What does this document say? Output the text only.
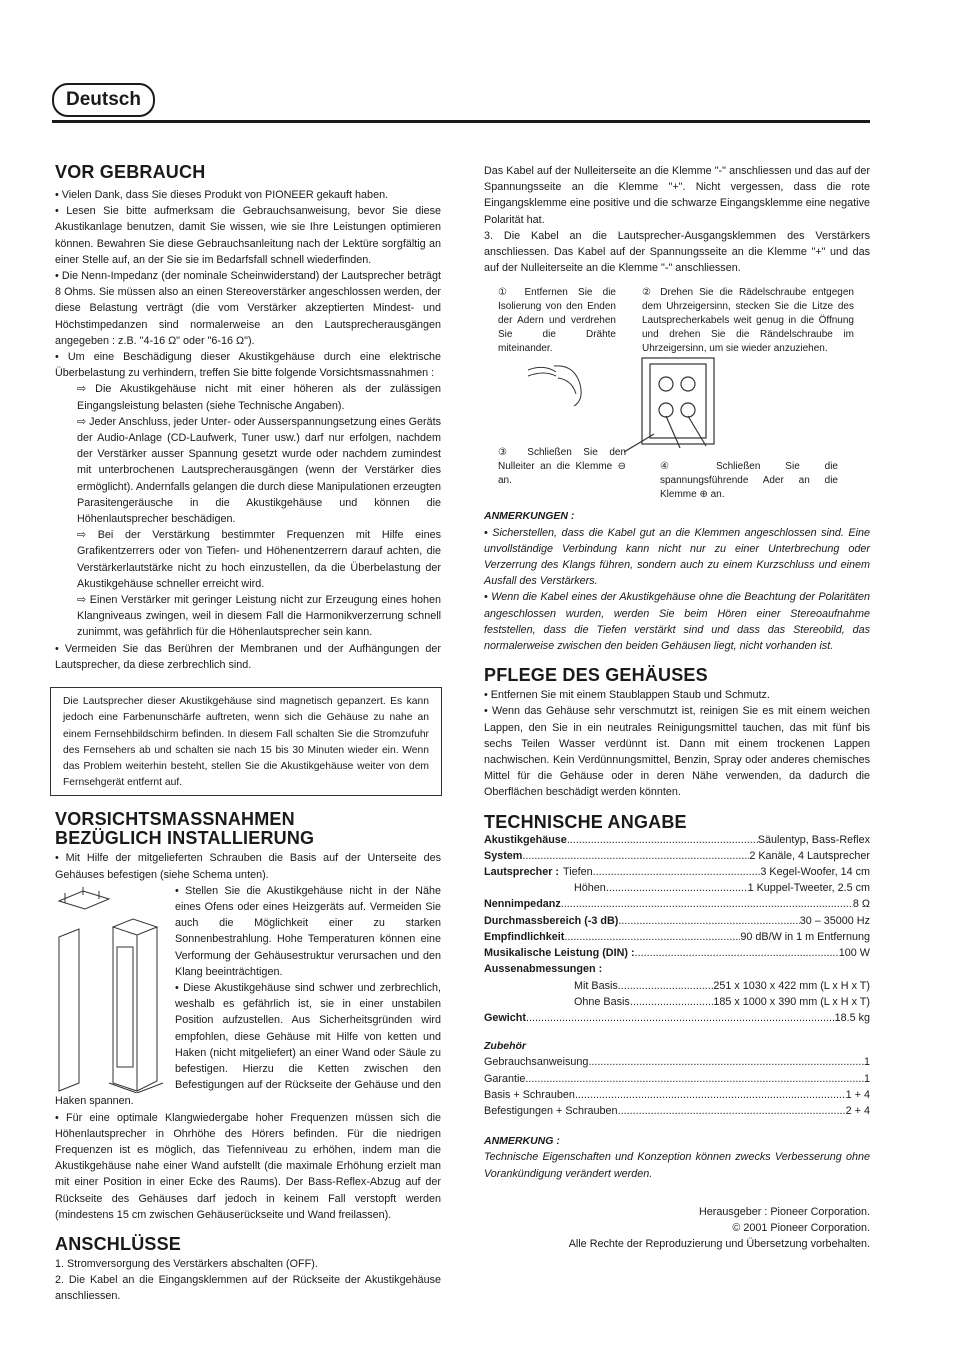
Deutsch
VOR GEBRAUCH

• Vielen Dank, dass Sie dieses Produkt von PIONEER gekauft haben.

• Lesen Sie bitte aufmerksam die Gebrauchsanweisung, bevor Sie diese Akustikanlage benutzen, damit Sie wissen, wie sie Ihre Leistungen optimieren können. Bewahren Sie diese Gebrauchsanleitung nach der Lektüre sorgfältig an einer Stelle auf, an der Sie sie im Bedarfsfall schnell wiederfinden.

• Die Nenn-Impedanz (der nominale Scheinwiderstand) der Lautsprecher beträgt 8 Ohms. Sie müssen also an einen Stereoverstärker angeschlossen werden, der diese Belastung verträgt (die vom Verstärker akzeptierten Mindest- und Höchstimpedanzen sind normalerweise an den Lautsprecherausgängen angegeben : z.B. "4-16 Ω" oder "6-16 Ω").

• Um eine Beschädigung dieser Akustikgehäuse durch eine elektrische Überbelastung zu verhindern, treffen Sie bitte folgende Vorsichtsmassnahmen :

⇨ Die Akustikgehäuse nicht mit einer höheren als der zulässigen Eingangsleistung belasten (siehe Technische Angaben).

⇨ Jeder Anschluss, jeder Unter- oder Ausserspannungsetzung eines Geräts der Audio-Anlage (CD-Laufwerk, Tuner usw.) darf nur erfolgen, nachdem der Verstärker ausser Spannung gesetzt wurde oder nachdem zumindest mit unterbrochenen Lautsprecherausgängen (wenn der Verstärker dies ermöglicht). Andernfalls gelangen die durch diese Manipulationen erzeugten Parasitengeräusche in die Akustikgehäuse und können die Höhenlautsprecher beschädigen.

⇨ Bei der Verstärkung bestimmter Frequenzen mit Hilfe eines Grafikentzerrers oder von Tiefen- und Höhenentzerrern darauf achten, die Verstärkerlautstärke nicht zu hoch einzustellen, da die Überbelastung der Akustikgehäuse schneller erreicht wird.

⇨ Einen Verstärker mit geringer Leistung nicht zur Erzeugung eines hohen Klangniveaus zwingen, weil in diesem Fall die Harmonikverzerrung schnell zunimmt, was gefährlich für die Höhenlautsprecher sein kann.

• Vermeiden Sie das Berühren der Membranen und der Aufhängungen der Lautsprecher, da diese zerbrechlich sind.

Die Lautsprecher dieser Akustikgehäuse sind magnetisch gepanzert. Es kann jedoch eine Farbenunschärfe auftreten, wenn sich die Gehäuse zu nahe an einem Fernsehbildschirm befinden. In diesem Fall schalten Sie die Stromzufuhr des Fernsehers ab und schalten sie nach 15 bis 30 Minuten wieder ein. Wenn das Problem weiterhin besteht, stellen Sie die Akustikgehäuse weiter von dem Fernsehgerät entfernt auf.

VORSICHTSMASSNAHMEN
BEZÜGLICH INSTALLIERUNG

• Mit Hilfe der mitgelieferten Schrauben die Basis auf der Unterseite des Gehäuses befestigen (siehe Schema unten).

• Stellen Sie die Akustikgehäuse nicht in der Nähe eines Ofens oder eines Heizgeräts auf. Vermeiden Sie auch die Möglichkeit einer zu starken Sonnenbestrahlung. Hohe Temperaturen können eine Verformung der Gehäusestruktur verursachen und den Klang beeinträchtigen.

• Diese Akustikgehäuse sind schwer und zerbrechlich, weshalb es gefährlich ist, sie in einer unstabilen Position aufzustellen. Aus Sicherheitsgründen wird empfohlen, diese Gehäuse mit Hilfe von ketten und Haken (nicht mitgeliefert) an einer Wand oder Säule zu befestigen. Hierzu die Ketten zwischen den Befestigungen auf der Rückseite der Gehäuse und den Haken spannen.

• Für eine optimale Klangwiedergabe hoher Frequenzen müssen sich die Höhenlautsprecher in Ohrhöhe des Hörers befinden. Für die niedrigen Frequenzen ist es möglich, das Tiefenniveau zu erhöhen, indem man die Akustikgehäuse nahe einer Wand aufstellt (die maximale Erhöhung erzielt man mit einer Position in einer Ecke des Raums). Der Bass-Reflex-Abzug auf der Rückseite des Gehäuses darf jedoch in keinem Fall verstopft werden (mindestens 15 cm zwischen Gehäuserückseite und Wand freilassen).

ANSCHLÜSSE

1. Stromversorgung des Verstärkers abschalten (OFF).

2. Die Kabel an die Eingangsklemmen auf der Rückseite der Akustikgehäuse anschliessen.

Das Kabel auf der Nulleiterseite an die Klemme "-" anschliessen und das auf der Spannungsseite an die Klemme "+". Nicht vergessen, dass die rote Eingangsklemme eine positive und die schwarze Eingangsklemme eine negative Polarität hat.

3. Die Kabel an die Lautsprecher-Ausgangsklemmen des Verstärkers anschliessen. Das Kabel auf der Spannungsseite an die Klemme "+" und das auf der Nulleiterseite an die Klemme "-" anschliessen.

① Entfernen Sie die Isolierung von den Enden der Adern und verdrehen Sie die Drähte miteinander.
② Drehen Sie die Rädelschraube entgegen dem Uhrzeigersinn, stecken Sie die Litze des Lautsprecherkabels weit genug in die Öffnung und drehen Sie die Rändelschraube im Uhrzeigersinn, um sie wieder anzuziehen.
③ Schließen Sie den Nulleiter an die Klemme ⊖ an.
④ Schließen Sie die spannungsführende Ader an die Klemme ⊕ an.
ANMERKUNGEN :

• Sicherstellen, dass die Kabel gut an die Klemmen angeschlossen sind. Eine unvollständige Verbindung kann nicht nur zu einer Unterbrechung oder Verzerrung des Klangs führen, sondern auch zu einem Kurzschluss und einem Ausfall des Verstärkers.

• Wenn die Kabel eines der Akustikgehäuse ohne die Beachtung der Polaritäten angeschlossen wurden, werden Sie beim Hören einer Stereoaufnahme feststellen, dass die Tiefen verstärkt sind und dass das Stereobild, das normalerweise zwischen den beiden Gehäusen liegt, nicht vorhanden ist.

PFLEGE DES GEHÄUSES

• Entfernen Sie mit einem Staublappen Staub und Schmutz.

• Wenn das Gehäuse sehr verschmutzt ist, reinigen Sie es mit einem weichen Lappen, den Sie in ein neutrales Reinigungsmittel tauchen, das mit fünf bis sechs Teilen Wasser verdünnt ist. Dann mit einem trockenen Lappen nachwischen. Kein Verdünnungsmittel, Benzin, Spray oder anderes chemisches Mittel für die Gehäuse oder in deren Nähe verwenden, da dadurch die Oberflächen beschädigt werden könnten.

TECHNISCHE ANGABE
Akustikgehäuse .....	Säulentyp, Bass-Reflex
System .....	2 Kanäle, 4 Lautsprecher
Lautsprecher : Tiefen .....	3 Kegel-Woofer, 14 cm
Höhen .....	1 Kuppel-Tweeter, 2.5 cm
Nennimpedanz .....	8 Ω
Durchmassbereich (-3 dB) .....	30 – 35000 Hz
Empfindlichkeit .....	90 dB/W in 1 m Entfernung
Musikalische Leistung (DIN) : .....	100 W
Aussenabmessungen :
Mit Basis .....	251 x 1030 x 422 mm (L x H x T)
Ohne Basis .....	185 x 1000 x 390 mm (L x H x T)
Gewicht .....	18.5 kg
Zubehör
Gebrauchsanweisung .....	1
Garantie .....	1
Basis + Schrauben .....	1 + 4
Befestigungen + Schrauben .....	2 + 4
ANMERKUNG :

Technische Eigenschaften und Konzeption können zwecks Verbesserung ohne Vorankündigung verändert werden.

Herausgeber : Pioneer Corporation.
© 2001 Pioneer Corporation.
Alle Rechte der Reproduzierung und Übersetzung vorbehalten.
